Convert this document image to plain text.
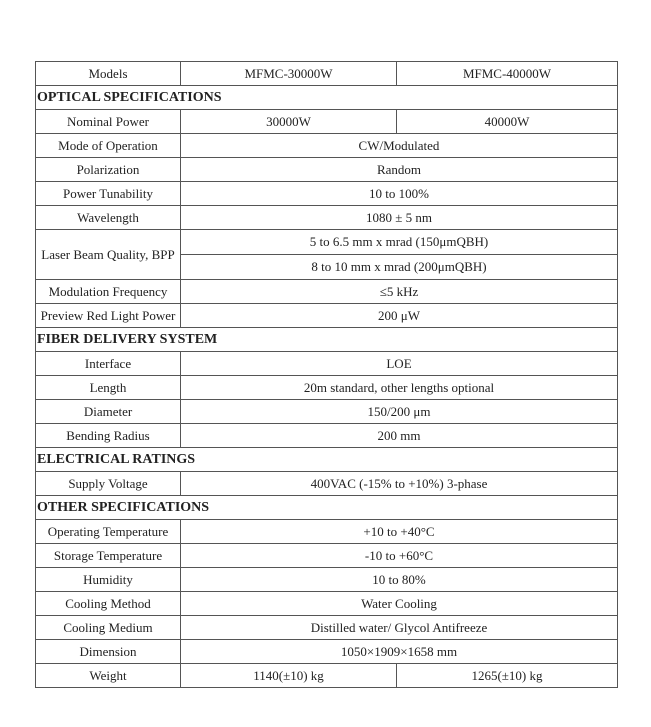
Models	MFMC-30000W	MFMC-40000W
OPTICAL SPECIFICATIONS		
Nominal Power	30000W	40000W
Mode of Operation	CW/Modulated	
Polarization	Random	
Power Tunability	10 to 100%	
Wavelength	1080 ± 5 nm	
Laser Beam Quality, BPP	5 to 6.5 mm x mrad (150μmQBH)	
	8 to 10 mm x mrad (200μmQBH)	
Modulation Frequency	≤5 kHz	
Preview Red Light Power	200 μW	
FIBER DELIVERY SYSTEM		
Interface	LOE	
Length	20m standard, other lengths optional	
Diameter	150/200 μm	
Bending Radius	200 mm	
ELECTRICAL RATINGS		
Supply Voltage	400VAC (-15% to +10%) 3-phase	
OTHER SPECIFICATIONS		
Operating Temperature	+10 to +40°C	
Storage Temperature	-10 to +60°C	
Humidity	10 to 80%	
Cooling Method	Water Cooling	
Cooling Medium	Distilled water/ Glycol Antifreeze	
Dimension	1050×1909×1658 mm	
Weight	1140(±10) kg	1265(±10) kg
